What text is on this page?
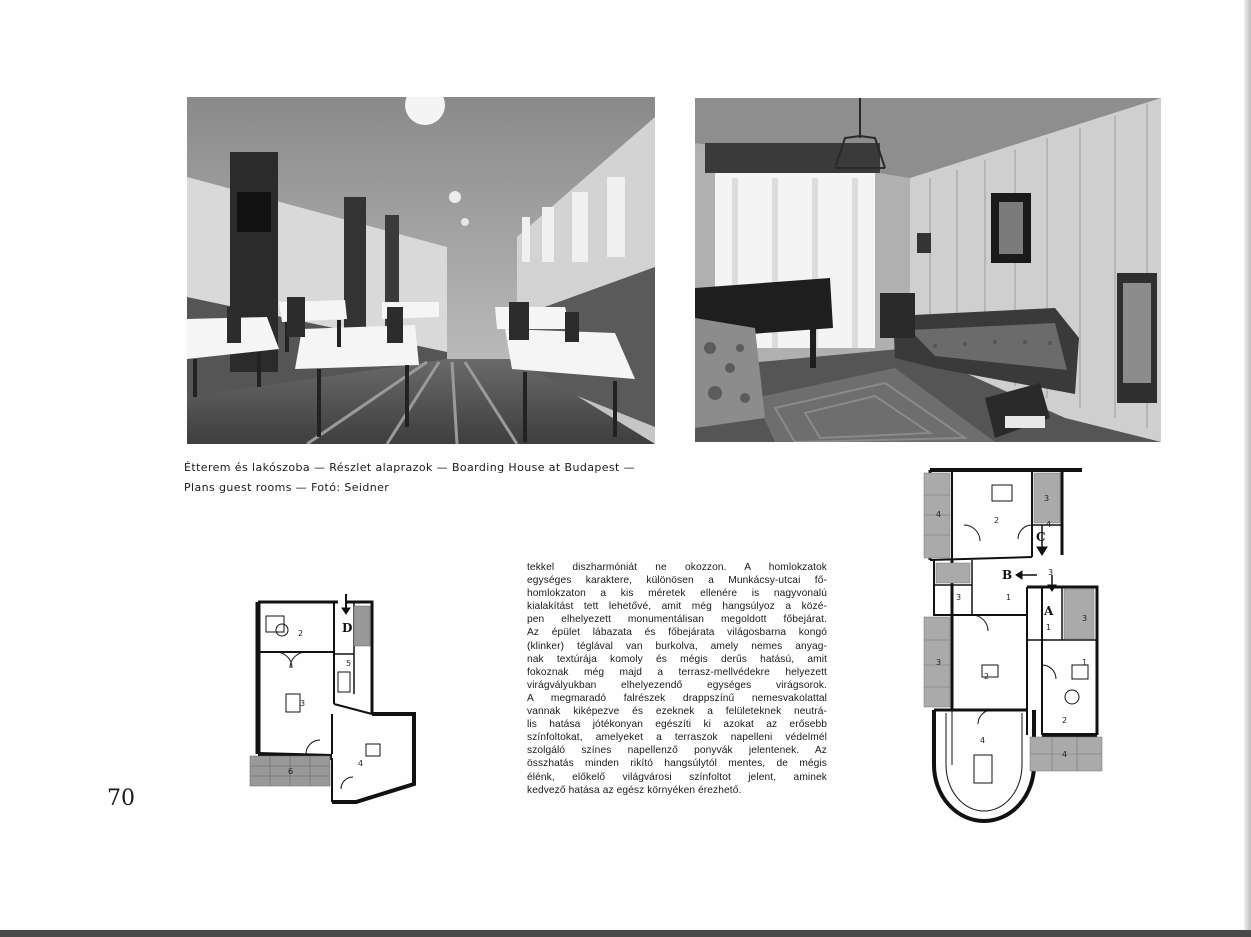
Étterem és lakószoba — Részlet alaprazok — Boarding House at Budapest —
Plans guest rooms — Fotó: Seidner
tekkel diszharmóniát ne okozzon. A homlokzatok
egységes karaktere, különösen a Munkácsy-utcai fő-
homlokzaton a kis méretek ellenére is nagyvonalú
kialakítást tett lehetővé, amit még hangsúlyoz a közé-
pen elhelyezett monumentálisan megoldott főbejárat.
Az épület lábazata és főbejárata világosbarna kongó
(klinker) téglával van burkolva, amely nemes anyag-
nak textúrája komoly és mégis derűs hatású, amit
fokoznak még majd a terrasz-mellvédekre helyezett
virágvályukban elhelyezendő egységes virágsorok.
A megmaradó falrészek drappszínű nemesvakolattal
vannak kiképezve és ezeknek a felületeknek neutrá-
lis hatása jótékonyan egészíti ki azokat az erősebb
színfoltokat, amelyeket a terraszok napelleni védelmél
szolgáló színes napellenző ponyvák jelentenek. Az
összhatás minden rikító hangsúlytól mentes, de mégis
élénk, előkelő világvárosi színfoltot jelent, aminek
kedvező hatása az egész környéken érezhető.
D
2
5
3
4
6
C
B
A
2
3
4
4
3	1
1
3
2
2
4
3
4
1
3
70
